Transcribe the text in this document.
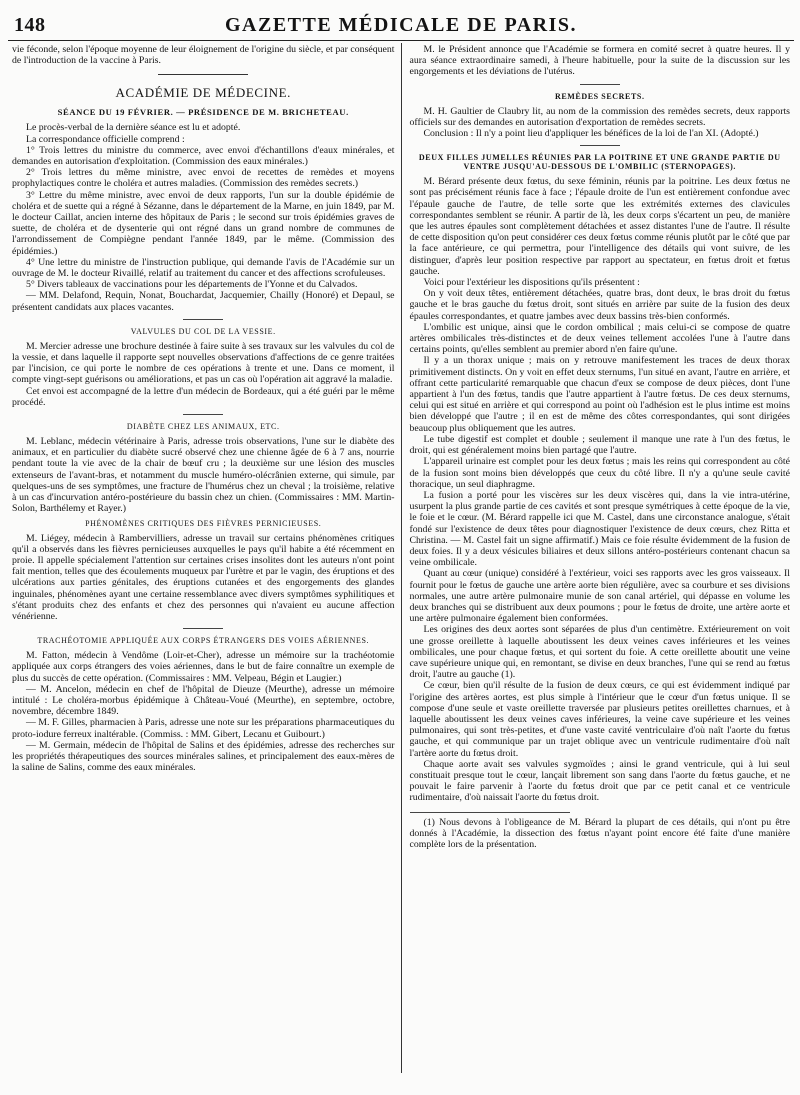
148	GAZETTE MÉDICALE DE PARIS.

vie féconde, selon l'époque moyenne de leur éloignement de l'origine du siècle, et par conséquent de l'introduction de la vaccine à Paris.

ACADÉMIE DE MÉDECINE.
SÉANCE DU 19 FÉVRIER. — PRÉSIDENCE DE M. BRICHETEAU.

Le procès-verbal de la dernière séance est lu et adopté.

La correspondance officielle comprend :

1° Trois lettres du ministre du commerce, avec envoi d'échantillons d'eaux minérales, et demandes en autorisation d'exploitation. (Commission des eaux minérales.)

2° Trois lettres du même ministre, avec envoi de recettes de remèdes et moyens prophylactiques contre le choléra et autres maladies. (Commission des remèdes secrets.)

3° Lettre du même ministre, avec envoi de deux rapports, l'un sur la double épidémie de choléra et de suette qui a régné à Sézanne, dans le département de la Marne, en juin 1849, par M. le docteur Caillat, ancien interne des hôpitaux de Paris ; le second sur trois épidémies graves de suette, de choléra et de dysenterie qui ont régné dans un grand nombre de communes de l'arrondissement de Compiègne pendant l'année 1849, par le même. (Commission des épidémies.)

4° Une lettre du ministre de l'instruction publique, qui demande l'avis de l'Académie sur un ouvrage de M. le docteur Rivaillé, relatif au traitement du cancer et des affections scrofuleuses.

5° Divers tableaux de vaccinations pour les départements de l'Yonne et du Calvados.

— MM. Delafond, Requin, Nonat, Bouchardat, Jacquemier, Chailly (Honoré) et Depaul, se présentent candidats aux places vacantes.

VALVULES DU COL DE LA VESSIE.

M. Mercier adresse une brochure destinée à faire suite à ses travaux sur les valvules du col de la vessie, et dans laquelle il rapporte sept nouvelles observations d'affections de ce genre traitées par l'incision, ce qui porte le nombre de ces opérations à trente et une. Dans ce moment, il compte vingt-sept guérisons ou améliorations, et pas un cas où l'opération ait aggravé la maladie.

Cet envoi est accompagné de la lettre d'un médecin de Bordeaux, qui a été guéri par le même procédé.

DIABÈTE CHEZ LES ANIMAUX, ETC.

M. Leblanc, médecin vétérinaire à Paris, adresse trois observations, l'une sur le diabète des animaux, et en particulier du diabète sucré observé chez une chienne âgée de 6 à 7 ans, nourrie pendant toute la vie avec de la chair de bœuf cru ; la deuxième sur une lésion des muscles extenseurs de l'avant-bras, et notamment du muscle huméro-olécrânien externe, qui simule, par quelques-uns de ses symptômes, une fracture de l'humérus chez un cheval ; la troisième, relative à un cas d'incurvation antéro-postérieure du bassin chez un chien. (Commissaires : MM. Martin-Solon, Barthélemy et Rayer.)

PHÉNOMÈNES CRITIQUES DES FIÈVRES PERNICIEUSES.

M. Liégey, médecin à Rambervilliers, adresse un travail sur certains phénomènes critiques qu'il a observés dans les fièvres pernicieuses auxquelles le pays qu'il habite a été récemment en proie. Il appelle spécialement l'attention sur certaines crises insolites dont les auteurs n'ont point fait mention, telles que des écoulements muqueux par l'urètre et par le vagin, des éruptions et des ulcérations aux parties génitales, des éruptions cutanées et des engorgements des glandes inguinales, phénomènes ayant une certaine ressemblance avec divers symptômes syphilitiques et s'étant produits chez des enfants et chez des personnes qui n'avaient eu aucune affection vénérienne.

TRACHÉOTOMIE APPLIQUÉE AUX CORPS ÉTRANGERS DES VOIES AÉRIENNES.

M. Fatton, médecin à Vendôme (Loir-et-Cher), adresse un mémoire sur la trachéotomie appliquée aux corps étrangers des voies aériennes, dans le but de faire connaître un exemple de plus du succès de cette opération. (Commissaires : MM. Velpeau, Bégin et Laugier.)

— M. Ancelon, médecin en chef de l'hôpital de Dieuze (Meurthe), adresse un mémoire intitulé : Le choléra-morbus épidémique à Château-Voué (Meurthe), en septembre, octobre, novembre, décembre 1849.

— M. F. Gilles, pharmacien à Paris, adresse une note sur les préparations pharmaceutiques du proto-iodure ferreux inaltérable. (Commiss. : MM. Gibert, Lecanu et Guibourt.)

— M. Germain, médecin de l'hôpital de Salins et des épidémies, adresse des recherches sur les propriétés thérapeutiques des sources minérales salines, et principalement des eaux-mères de la saline de Salins, comme des eaux minérales.

M. le Président annonce que l'Académie se formera en comité secret à quatre heures. Il y aura séance extraordinaire samedi, à l'heure habituelle, pour la suite de la discussion sur les engorgements et les déviations de l'utérus.

REMÈDES SECRETS.

M. H. Gaultier de Claubry lit, au nom de la commission des remèdes secrets, deux rapports officiels sur des demandes en autorisation d'exportation de remèdes secrets.

Conclusion : Il n'y a point lieu d'appliquer les bénéfices de la loi de l'an XI. (Adopté.)

DEUX FILLES JUMELLES RÉUNIES PAR LA POITRINE ET UNE GRANDE PARTIE DU VENTRE JUSQU'AU-DESSOUS DE L'OMBILIC (STERNOPAGES).

M. Bérard présente deux fœtus, du sexe féminin, réunis par la poitrine. Les deux fœtus ne sont pas précisément réunis face à face ; l'épaule droite de l'un est entièrement confondue avec l'épaule gauche de l'autre, de telle sorte que les extrémités externes des clavicules correspondantes semblent se réunir. A partir de là, les deux corps s'écartent un peu, de manière que les autres épaules sont complètement détachées et assez distantes l'une de l'autre. Il résulte de cette disposition qu'on peut considérer ces deux fœtus comme réunis plutôt par le côté que par la face antérieure, ce qui permettra, pour l'intelligence des détails qui vont suivre, de les distinguer, d'après leur position respective par rapport au spectateur, en fœtus droit et fœtus gauche.

Voici pour l'extérieur les dispositions qu'ils présentent :

On y voit deux têtes, entièrement détachées, quatre bras, dont deux, le bras droit du fœtus gauche et le bras gauche du fœtus droit, sont situés en arrière par suite de la fusion des deux épaules correspondantes, et quatre jambes avec deux bassins très-bien conformés.

L'ombilic est unique, ainsi que le cordon ombilical ; mais celui-ci se compose de quatre artères ombilicales très-distinctes et de deux veines tellement accolées l'une à l'autre dans certains points, qu'elles semblent au premier abord n'en faire qu'une.

Il y a un thorax unique ; mais on y retrouve manifestement les traces de deux thorax primitivement distincts. On y voit en effet deux sternums, l'un situé en avant, l'autre en arrière, et offrant cette particularité remarquable que chacun d'eux se compose de deux pièces, dont l'une appartient à l'un des fœtus, tandis que l'autre appartient à l'autre fœtus. De ces deux sternums, celui qui est situé en arrière et qui correspond au point où l'adhésion est le plus intime est moins bien développé que l'autre ; il en est de même des côtes correspondantes, qui sont dirigées beaucoup plus obliquement que les autres.

Le tube digestif est complet et double ; seulement il manque une rate à l'un des fœtus, le droit, qui est généralement moins bien partagé que l'autre.

L'appareil urinaire est complet pour les deux fœtus ; mais les reins qui correspondent au côté de la fusion sont moins bien développés que ceux du côté libre. Il n'y a qu'une seule cavité thoracique, un seul diaphragme.

La fusion a porté pour les viscères sur les deux viscères qui, dans la vie intra-utérine, usurpent la plus grande partie de ces cavités et sont presque symétriques à cette époque de la vie, le foie et le cœur. (M. Bérard rappelle ici que M. Castel, dans une circonstance analogue, s'était fondé sur l'existence de deux têtes pour diagnostiquer l'existence de deux cœurs, chez Ritta et Christina. — M. Castel fait un signe affirmatif.) Mais ce foie résulte évidemment de la fusion de deux foies. Il y a deux vésicules biliaires et deux sillons antéro-postérieurs contenant chacun sa veine ombilicale.

Quant au cœur (unique) considéré à l'extérieur, voici ses rapports avec les gros vaisseaux. Il fournit pour le fœtus de gauche une artère aorte bien régulière, avec sa courbure et ses divisions normales, une autre artère pulmonaire munie de son canal artériel, qui dépasse en volume les deux branches qui se distribuent aux deux poumons ; pour le fœtus de droite, une artère aorte et une artère pulmonaire également bien conformées.

Les origines des deux aortes sont séparées de plus d'un centimètre. Extérieurement on voit une grosse oreillette à laquelle aboutissent les deux veines caves inférieures et les veines ombilicales, une pour chaque fœtus, et qui sortent du foie. A cette oreillette aboutit une veine cave supérieure unique qui, en remontant, se divise en deux branches, l'une qui se rend au fœtus droit, l'autre au gauche (1).

Ce cœur, bien qu'il résulte de la fusion de deux cœurs, ce qui est évidemment indiqué par l'origine des artères aortes, est plus simple à l'intérieur que le cœur d'un fœtus unique. Il se compose d'une seule et vaste oreillette traversée par plusieurs petites oreillettes charnues, et à laquelle aboutissent les deux veines caves inférieures, la veine cave supérieure et les veines pulmonaires, qui sont très-petites, et d'une vaste cavité ventriculaire d'où naît l'aorte du fœtus gauche, et qui communique par un trajet oblique avec un ventricule rudimentaire d'où naît l'artère aorte du fœtus droit.

Chaque aorte avait ses valvules sygmoïdes ; ainsi le grand ventricule, qui à lui seul constituait presque tout le cœur, lançait librement son sang dans l'aorte du fœtus gauche, et ne pouvait le faire parvenir à l'aorte du fœtus droit que par ce petit canal et ce ventricule rudimentaire, d'où naissait l'aorte du fœtus droit.

(1) Nous devons à l'obligeance de M. Bérard la plupart de ces détails, qui n'ont pu être donnés à l'Académie, la dissection des fœtus n'ayant point encore été faite d'une manière complète lors de la présentation.
